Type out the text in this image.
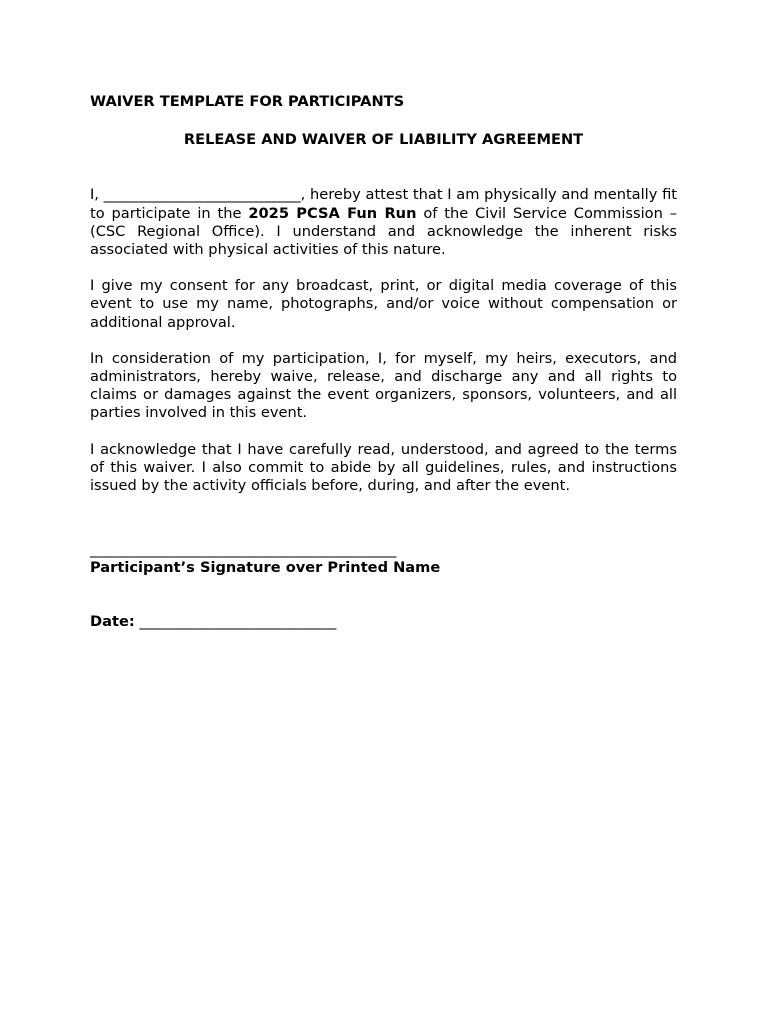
WAIVER TEMPLATE FOR PARTICIPANTS

RELEASE AND WAIVER OF LIABILITY AGREEMENT

I, ___________________________, hereby attest that I am physically and mentally fit to participate in the 2025 PCSA Fun Run of the Civil Service Commission – (CSC Regional Office). I understand and acknowledge the inherent risks associated with physical activities of this nature.

I give my consent for any broadcast, print, or digital media coverage of this event to use my name, photographs, and/or voice without compensation or additional approval.

In consideration of my participation, I, for myself, my heirs, executors, and administrators, hereby waive, release, and discharge any and all rights to claims or damages against the event organizers, sponsors, volunteers, and all parties involved in this event.

I acknowledge that I have carefully read, understood, and agreed to the terms of this waiver. I also commit to abide by all guidelines, rules, and instructions issued by the activity officials before, during, and after the event.

__________________________________________

Participant’s Signature over Printed Name

Date: ___________________________
